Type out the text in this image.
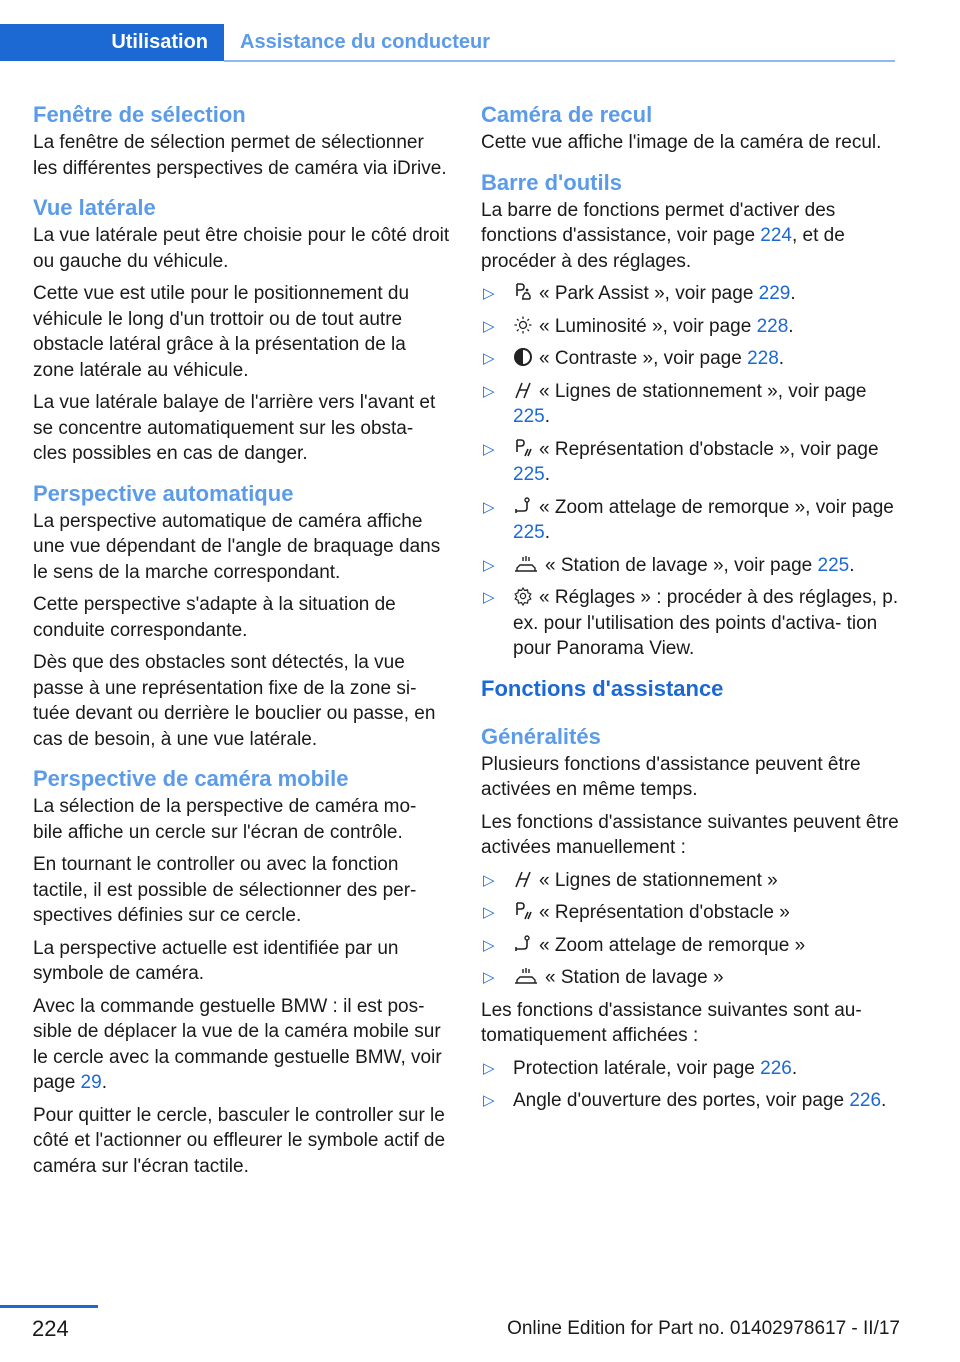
Utilisation	Assistance du conducteur
Fenêtre de sélection

La fenêtre de sélection permet de sélectionner les différentes perspectives de caméra via iDrive.

Vue latérale

La vue latérale peut être choisie pour le côté droit ou gauche du véhicule.

Cette vue est utile pour le positionnement du véhicule le long d'un trottoir ou de tout autre obstacle latéral grâce à la présentation de la zone latérale au véhicule.

La vue latérale balaye de l'arrière vers l'avant et se concentre automatiquement sur les obsta‐ cles possibles en cas de danger.

Perspective automatique

La perspective automatique de caméra affiche une vue dépendant de l'angle de braquage dans le sens de la marche correspondant.

Cette perspective s'adapte à la situation de conduite correspondante.

Dès que des obstacles sont détectés, la vue passe à une représentation fixe de la zone si‐ tuée devant ou derrière le bouclier ou passe, en cas de besoin, à une vue latérale.

Perspective de caméra mobile

La sélection de la perspective de caméra mo‐ bile affiche un cercle sur l'écran de contrôle.

En tournant le controller ou avec la fonction tactile, il est possible de sélectionner des per‐ spectives définies sur ce cercle.

La perspective actuelle est identifiée par un symbole de caméra.

Avec la commande gestuelle BMW : il est pos‐ sible de déplacer la vue de la caméra mobile sur le cercle avec la commande gestuelle BMW, voir page 29.

Pour quitter le cercle, basculer le controller sur le côté et l'actionner ou effleurer le symbole actif de caméra sur l'écran tactile.

Caméra de recul

Cette vue affiche l'image de la caméra de recul.

Barre d'outils

La barre de fonctions permet d'activer des fonctions d'assistance, voir page 224, et de procéder à des réglages.

▷ « Park Assist », voir page 229.
▷ « Luminosité », voir page 228.
▷ « Contraste », voir page 228.
▷ « Lignes de stationnement », voir page 225.
▷ « Représentation d'obstacle », voir page 225.
▷ « Zoom attelage de remorque », voir page 225.
▷	« Station de lavage », voir page 225.
▷ « Réglages » : procéder à des réglages, p. ex. pour l'utilisation des points d'activa‐ tion pour Panorama View.
Fonctions d'assistance
Généralités

Plusieurs fonctions d'assistance peuvent être activées en même temps.

Les fonctions d'assistance suivantes peuvent être activées manuellement :

▷ « Lignes de stationnement »
▷ « Représentation d'obstacle »
▷ « Zoom attelage de remorque »
▷	« Station de lavage »

Les fonctions d'assistance suivantes sont au‐ tomatiquement affichées :

▷ Protection latérale, voir page 226.
▷ Angle d'ouverture des portes, voir page 226.
224	Online Edition for Part no. 01402978617 - II/17
